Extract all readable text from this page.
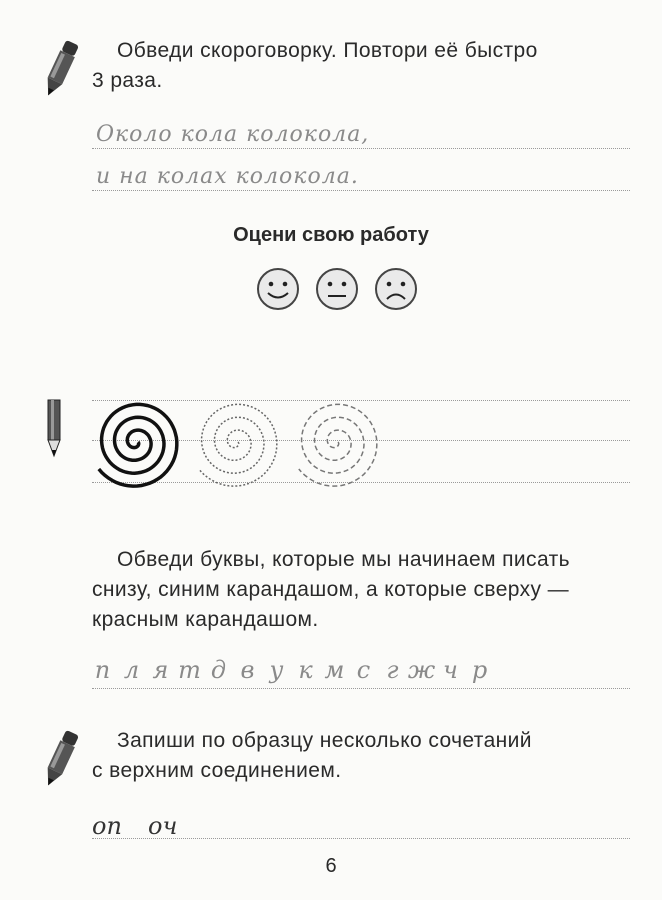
Обведи скороговорку. Повтори её быстро
3 раза.
Около кола колокола,
и на колах колокола.
Оцени свою работу
Обведи буквы, которые мы начинаем писать
снизу, синим карандашом, а которые сверху —
красным карандашом.
п л я т д в у к м с г ж ч р
Запиши по образцу несколько сочетаний
с верхним соединением.
оп оч
6
